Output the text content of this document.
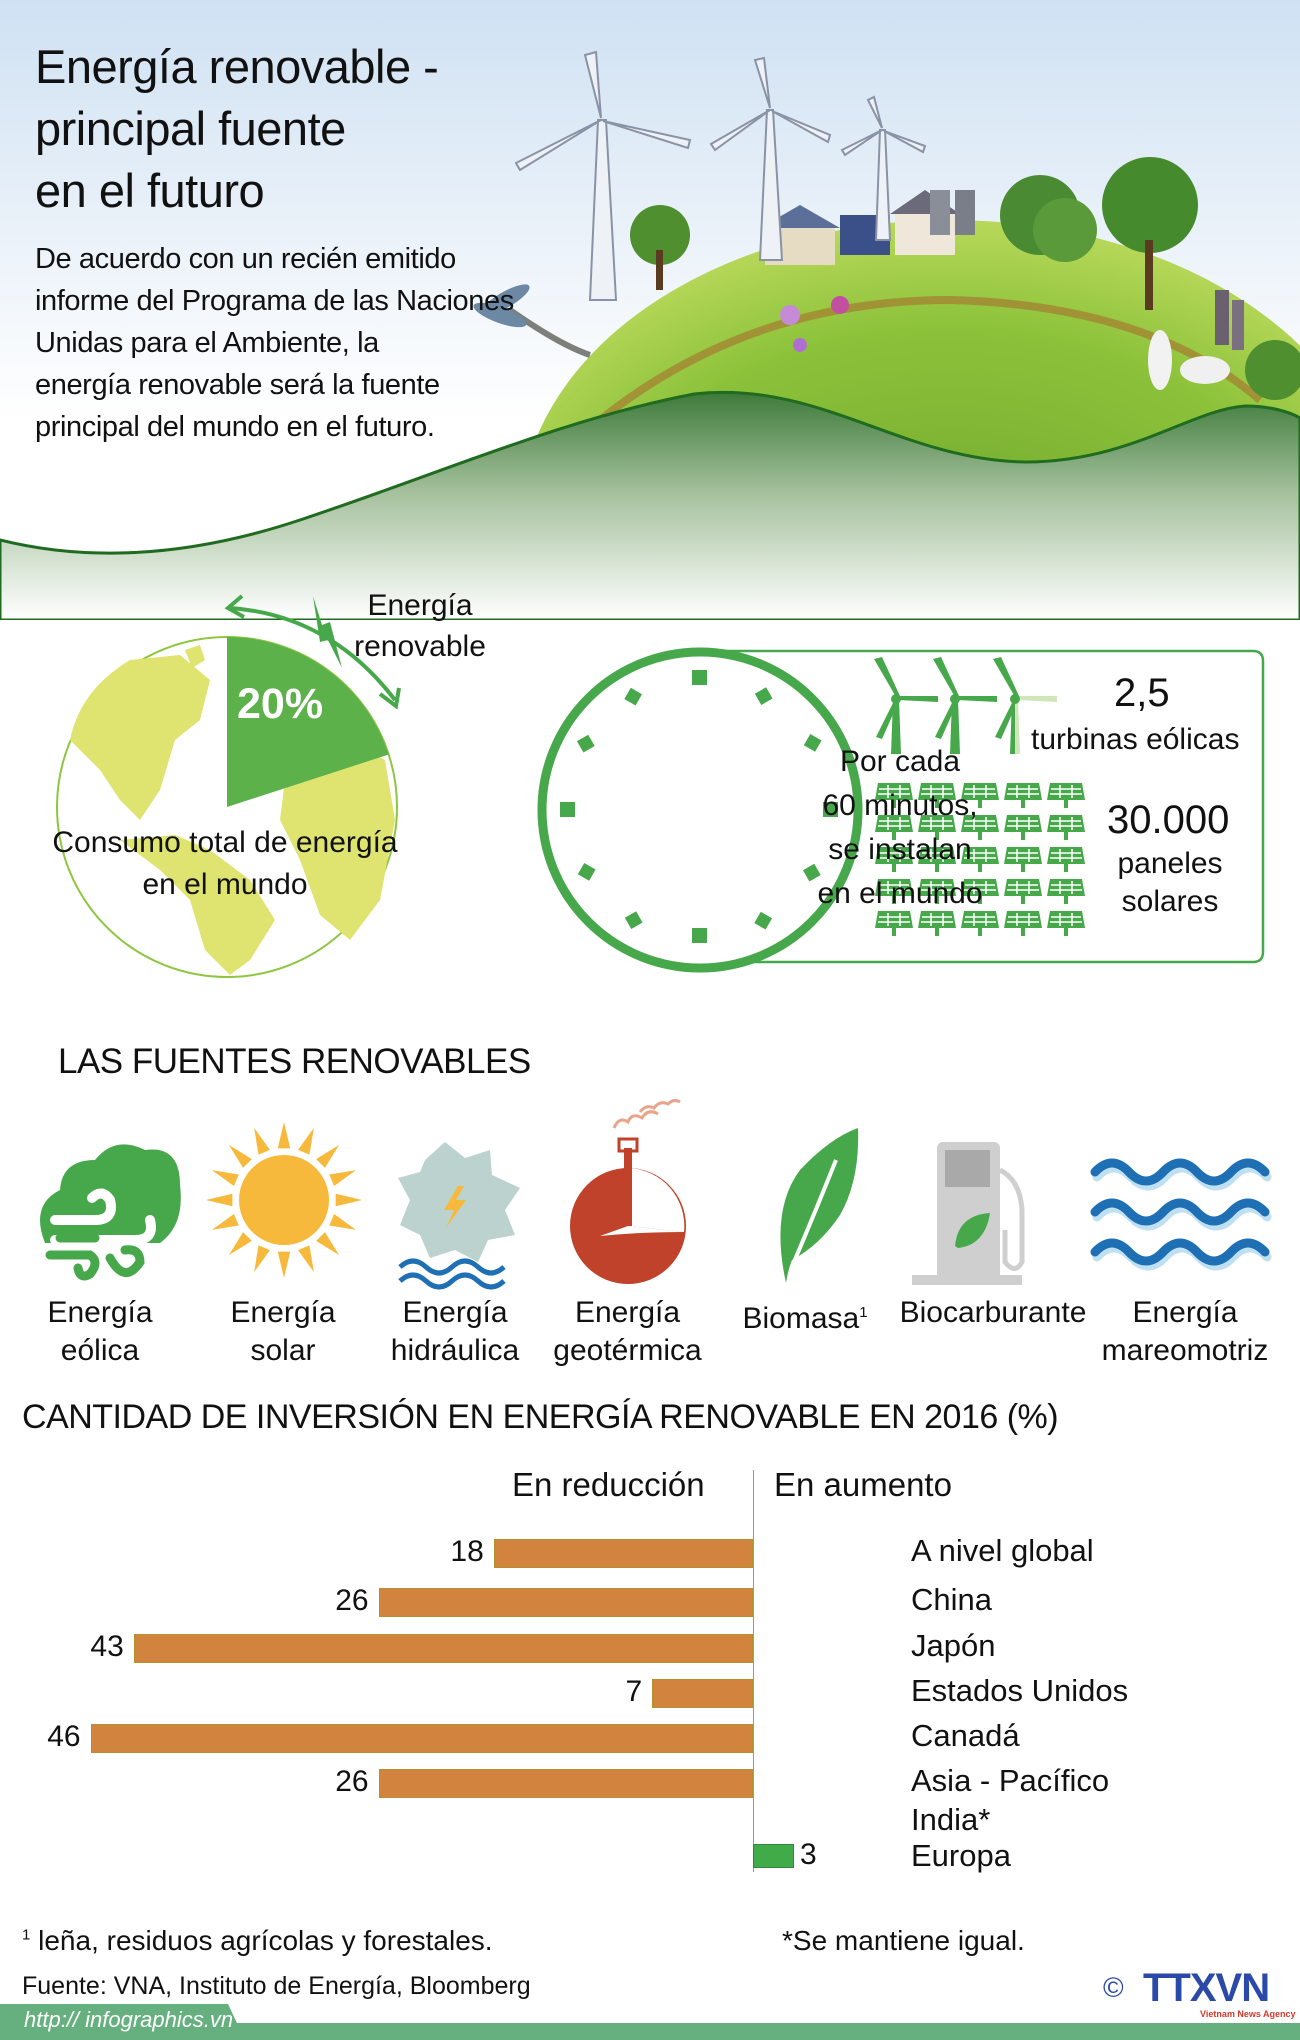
Energía renovable -
principal fuente
en el futuro
De acuerdo con un recién emitido
informe del Programa de las Naciones
Unidas para el Ambiente, la
energía renovable será la fuente
principal del mundo en el futuro.
20%
Energía
renovable
Consumo total de energía
en el mundo
Por cada
60 minutos,
se instalan
en el mundo
2,5
turbinas eólicas
30.000
paneles
solares
LAS FUENTES RENOVABLES
Energía
eólica
Energía
solar
Energía
hidráulica
Energía
geotérmica
Biomasa$^1$	Biocarburante	Energía
mareomotriz
CANTIDAD DE INVERSIÓN EN ENERGÍA RENOVABLE EN 2016 (%)
En reducción En aumento
18	A nivel global
26	China
43	Japón
7	Estados Unidos
46	Canadá
26	Asia - Pacífico
India*
3	Europa
$^1$ leña, residuos agrícolas y forestales.	*Se mantiene igual.
Fuente: VNA, Instituto de Energía, Bloomberg
http:// infographics.vn
© TTXVN
Vietnam News Agency
